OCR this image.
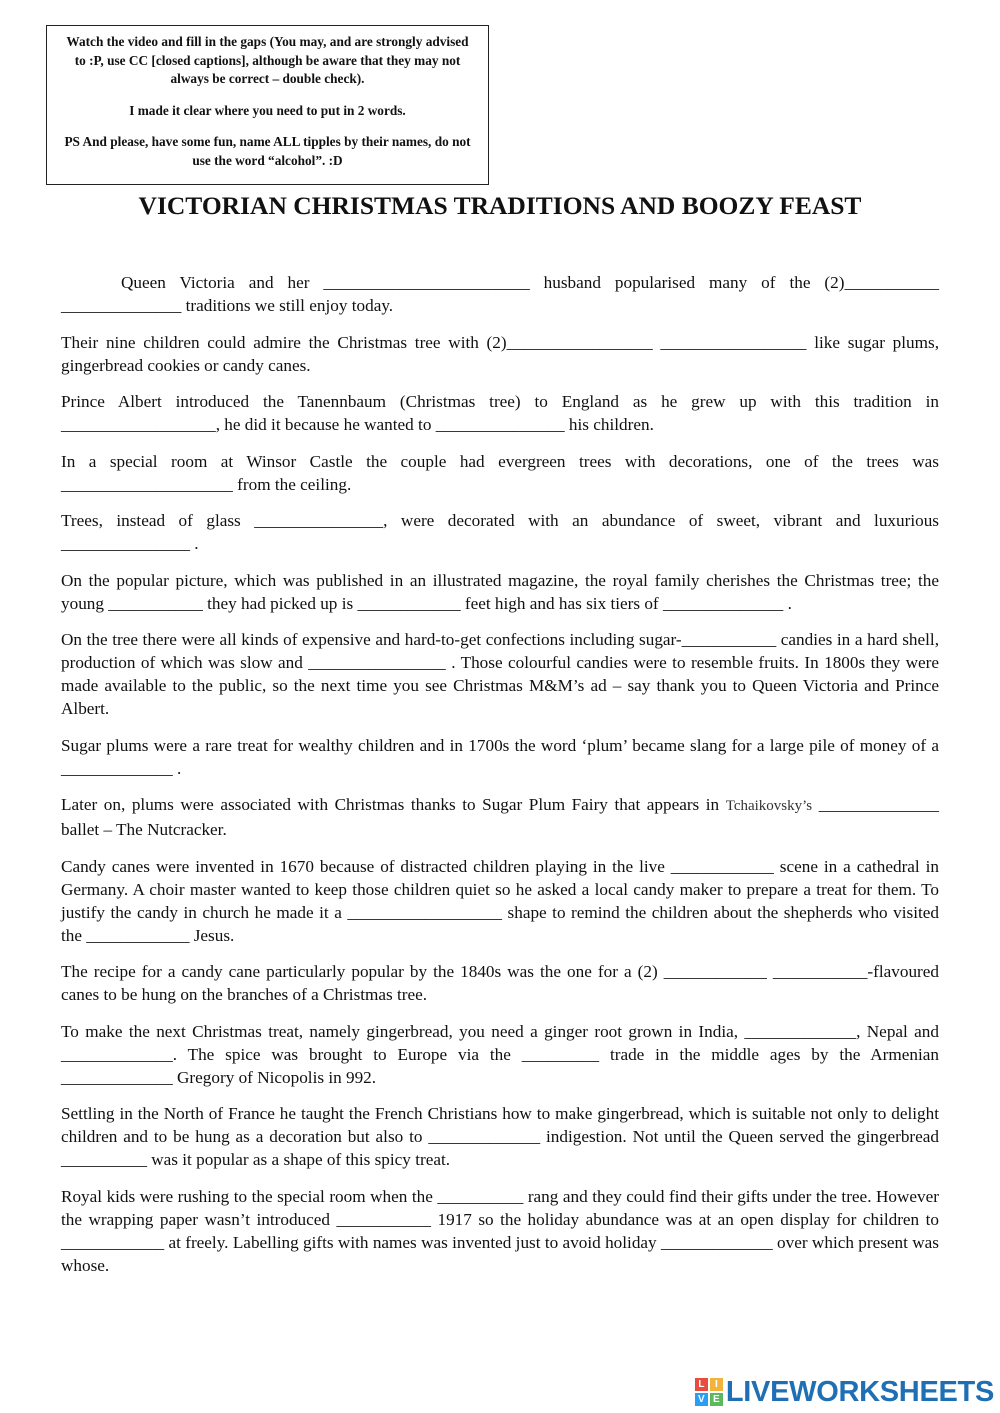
Watch the video and fill in the gaps (You may, and are strongly advised to :P, use CC [closed captions], although be aware that they may not always be correct – double check).

I made it clear where you need to put in 2 words.

PS And please, have some fun, name ALL tipples by their names, do not use the word “alcohol”. :D

VICTORIAN CHRISTMAS TRADITIONS AND BOOZY FEAST

Queen Victoria and her ________________________ husband popularised many of the (2)___________ ______________ traditions we still enjoy today.

Their nine children could admire the Christmas tree with (2)_________________ _________________ like sugar plums, gingerbread cookies or candy canes.

Prince Albert introduced the Tanennbaum (Christmas tree) to England as he grew up with this tradition in __________________, he did it because he wanted to _______________ his children.

In a special room at Winsor Castle the couple had evergreen trees with decorations, one of the trees was ____________________ from the ceiling.

Trees, instead of glass _______________, were decorated with an abundance of sweet, vibrant and luxurious _______________ .

On the popular picture, which was published in an illustrated magazine, the royal family cherishes the Christmas tree; the young ___________ they had picked up is ____________ feet high and has six tiers of ______________ .

On the tree there were all kinds of expensive and hard-to-get confections including sugar-___________ candies in a hard shell, production of which was slow and ________________ . Those colourful candies were to resemble fruits. In 1800s they were made available to the public, so the next time you see Christmas M&M’s ad – say thank you to Queen Victoria and Prince Albert.

Sugar plums were a rare treat for wealthy children and in 1700s the word ‘plum’ became slang for a large pile of money of a _____________ .

Later on, plums were associated with Christmas thanks to Sugar Plum Fairy that appears in Tchaikovsky’s ______________ ballet – The Nutcracker.

Candy canes were invented in 1670 because of distracted children playing in the live ____________ scene in a cathedral in Germany. A choir master wanted to keep those children quiet so he asked a local candy maker to prepare a treat for them. To justify the candy in church he made it a __________________ shape to remind the children about the shepherds who visited the ____________ Jesus.

The recipe for a candy cane particularly popular by the 1840s was the one for a (2) ____________ ___________-flavoured canes to be hung on the branches of a Christmas tree.

To make the next Christmas treat, namely gingerbread, you need a ginger root grown in India, _____________, Nepal and _____________. The spice was brought to Europe via the _________ trade in the middle ages by the Armenian _____________ Gregory of Nicopolis in 992.

Settling in the North of France he taught the French Christians how to make gingerbread, which is suitable not only to delight children and to be hung as a decoration but also to _____________ indigestion. Not until the Queen served the gingerbread __________ was it popular as a shape of this spicy treat.

Royal kids were rushing to the special room when the __________ rang and they could find their gifts under the tree. However the wrapping paper wasn’t introduced ___________ 1917 so the holiday abundance was at an open display for children to ____________ at freely. Labelling gifts with names was invented just to avoid holiday _____________ over which present was whose.

L	I
V E LIVEWORKSHEETS
